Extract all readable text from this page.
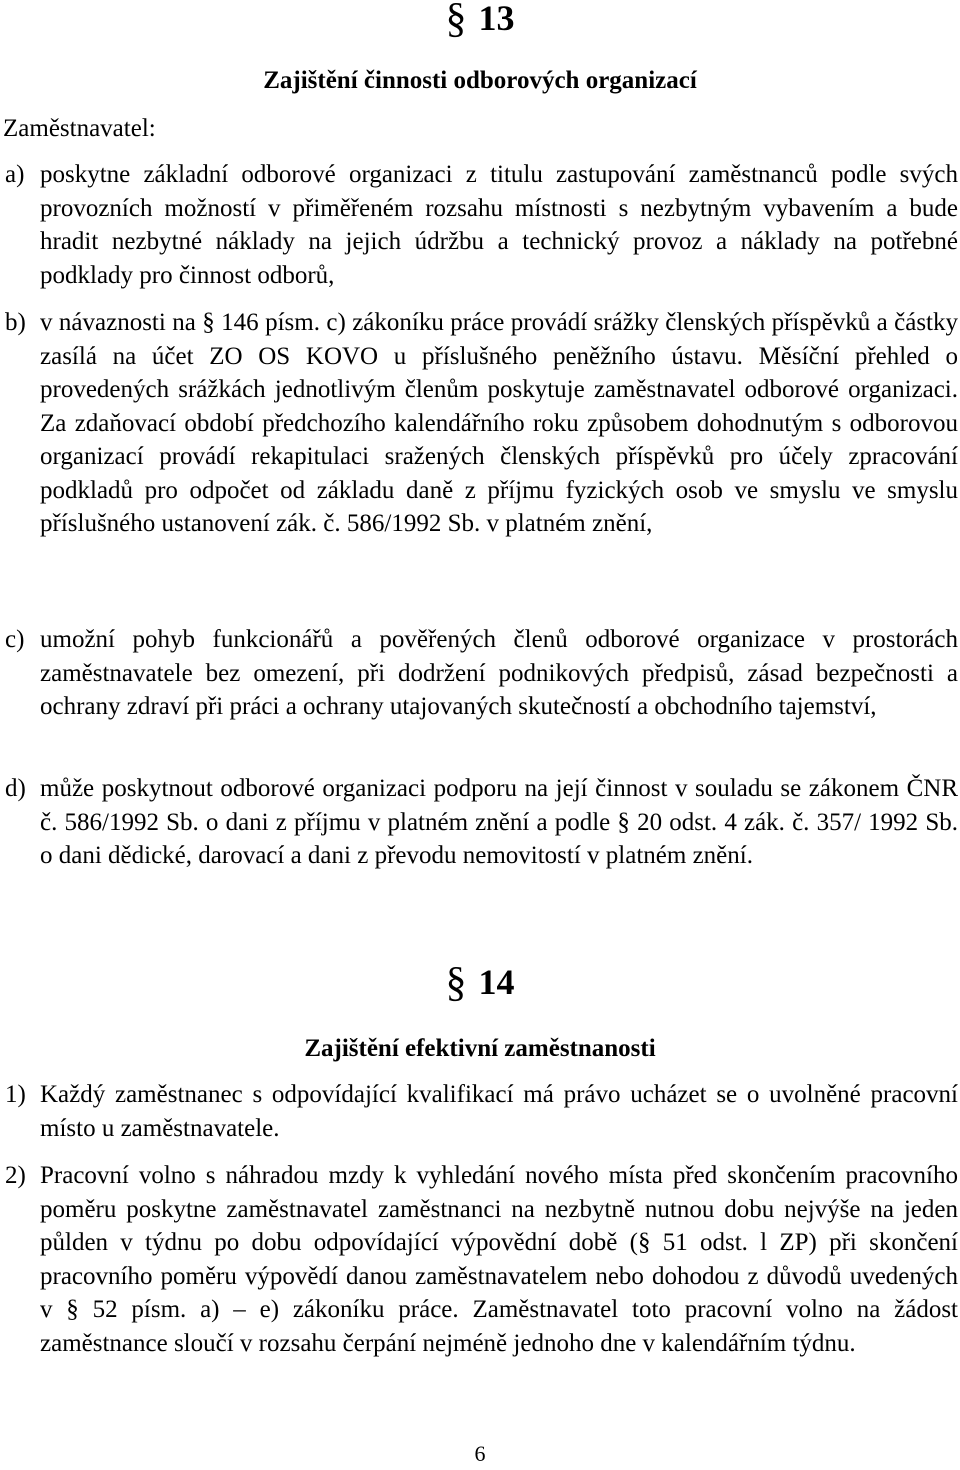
§ 13
Zajištění činnosti odborových organizací
Zaměstnavatel:
a) poskytne základní odborové organizaci z titulu zastupování zaměstnanců podle svých provozních možností v přiměřeném rozsahu místnosti s nezbytným vybavením a bude hradit nezbytné náklady na jejich údržbu a technický provoz a náklady na potřebné podklady pro činnost odborů,
b) v návaznosti na § 146 písm. c) zákoníku práce provádí srážky členských příspěvků a částky zasílá na účet ZO OS KOVO u příslušného peněžního ústavu. Měsíční přehled o provedených srážkách jednotlivým členům poskytuje zaměstnavatel odborové organizaci. Za zdaňovací období předchozího kalendářního roku způsobem dohodnutým s odborovou organizací provádí rekapitulaci sražených členských příspěvků pro účely zpracování podkladů pro odpočet od základu daně z příjmu fyzických osob ve smyslu ve smyslu příslušného ustanovení zák. č. 586/1992 Sb. v platném znění,
c) umožní pohyb funkcionářů a pověřených členů odborové organizace v prostorách zaměstnavatele bez omezení, při dodržení podnikových předpisů, zásad bezpečnosti a ochrany zdraví při práci a ochrany utajovaných skutečností a obchodního tajemství,
d) může poskytnout odborové organizaci podporu na její činnost v souladu se zákonem ČNR č. 586/1992 Sb. o dani z příjmu v platném znění a podle § 20 odst. 4 zák. č. 357/ 1992 Sb. o dani dědické, darovací a dani z převodu nemovitostí v platném znění.
§ 14
Zajištění efektivní zaměstnanosti
1) Každý zaměstnanec s odpovídající kvalifikací má právo ucházet se o uvolněné pracovní místo u zaměstnavatele.
2) Pracovní volno s náhradou mzdy k vyhledání nového místa před skončením pracovního poměru poskytne zaměstnavatel zaměstnanci na nezbytně nutnou dobu nejvýše na jeden půlden v týdnu po dobu odpovídající výpovědní době (§ 51 odst. l ZP) při skončení pracovního poměru výpovědí danou zaměstnavatelem nebo dohodou z důvodů uvedených v § 52 písm. a) – e) zákoníku práce. Zaměstnavatel toto pracovní volno na žádost zaměstnance sloučí v rozsahu čerpání nejméně jednoho dne v kalendářním týdnu.
6
